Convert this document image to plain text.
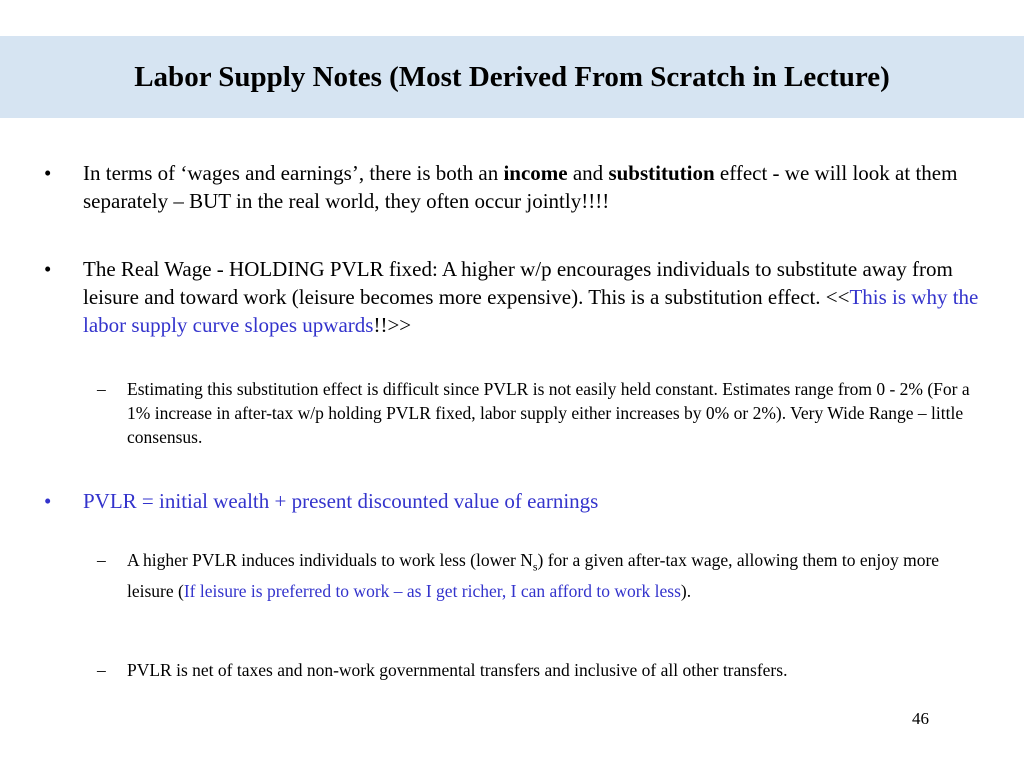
Labor Supply Notes (Most Derived From Scratch in Lecture)
• In terms of ‘wages and earnings’, there is both an income and substitution effect - we will look at them separately – BUT in the real world, they often occur jointly!!!!
• The Real Wage - HOLDING PVLR fixed: A higher w/p encourages individuals to substitute away from leisure and toward work (leisure becomes more expensive). This is a substitution effect. <<This is why the labor supply curve slopes upwards!!>>
– Estimating this substitution effect is difficult since PVLR is not easily held constant. Estimates range from 0 - 2% (For a 1% increase in after-tax w/p holding PVLR fixed, labor supply either increases by 0% or 2%). Very Wide Range – little consensus.
• PVLR = initial wealth + present discounted value of earnings
– A higher PVLR induces individuals to work less (lower $N_s$) for a given after-tax wage, allowing them to enjoy more leisure (If leisure is preferred to work – as I get richer, I can afford to work less).
– PVLR is net of taxes and non-work governmental transfers and inclusive of all other transfers.
46
